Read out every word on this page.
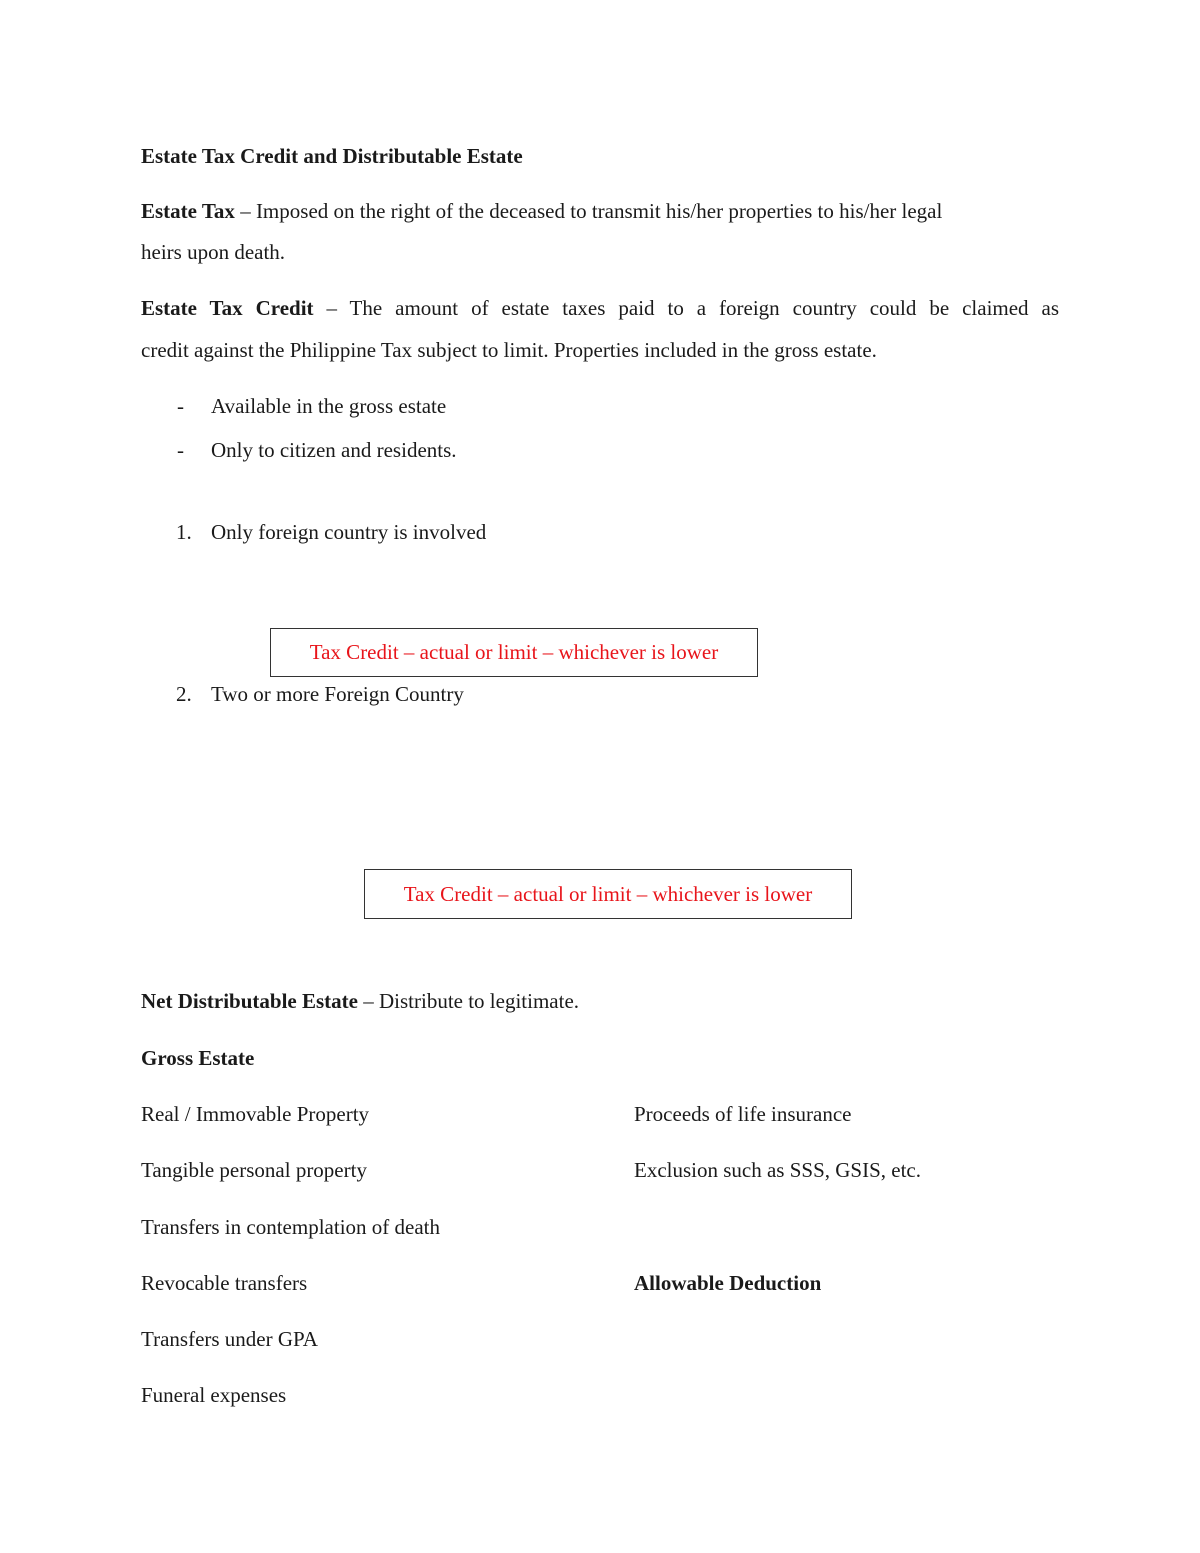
Estate Tax Credit and Distributable Estate
Estate Tax – Imposed on the right of the deceased to transmit his/her properties to his/her legal
heirs upon death.
Estate Tax Credit – The amount of estate taxes paid to a foreign country could be claimed as
credit against the Philippine Tax subject to limit. Properties included in the gross estate.
- Available in the gross estate
- Only to citizen and residents.
1. Only foreign country is involved
Tax Credit – actual or limit – whichever is lower
2. Two or more Foreign Country
Tax Credit – actual or limit – whichever is lower
Net Distributable Estate – Distribute to legitimate.
Gross Estate
Real / Immovable Property
Tangible personal property
Transfers in contemplation of death
Revocable transfers
Transfers under GPA
Funeral expenses
Proceeds of life insurance
Exclusion such as SSS, GSIS, etc.
Allowable Deduction
